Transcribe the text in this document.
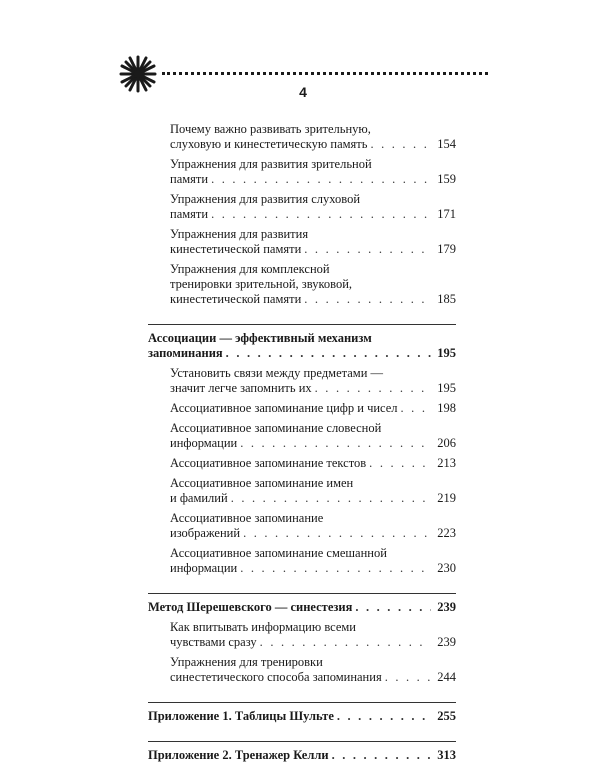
4
Почему важно развивать зрительную,
слуховую и кинестетическую память . . .	154
Упражнения для развития зрительной
памяти . . .	159
Упражнения для развития слуховой
памяти . . .	171
Упражнения для развития
кинестетической памяти . . .	179
Упражнения для комплексной
тренировки зрительной, звуковой,
кинестетической памяти . . .	185
Ассоциации — эффективный механизм
запоминания . . .	195
Установить связи между предметами —
значит легче запомнить их . . .	195
Ассоциативное запоминание цифр и чисел . . .	198
Ассоциативное запоминание словесной
информации . . .	206
Ассоциативное запоминание текстов . . .	213
Ассоциативное запоминание имен
и фамилий . . .	219
Ассоциативное запоминание
изображений . . .	223
Ассоциативное запоминание смешанной
информации . . .	230
Метод Шерешевского — синестезия . . .	239
Как впитывать информацию всеми
чувствами сразу . . .	239
Упражнения для тренировки
синестетического способа запоминания . . .	244
Приложение 1. Таблицы Шульте . . .	255
Приложение 2. Тренажер Келли . . .	313
